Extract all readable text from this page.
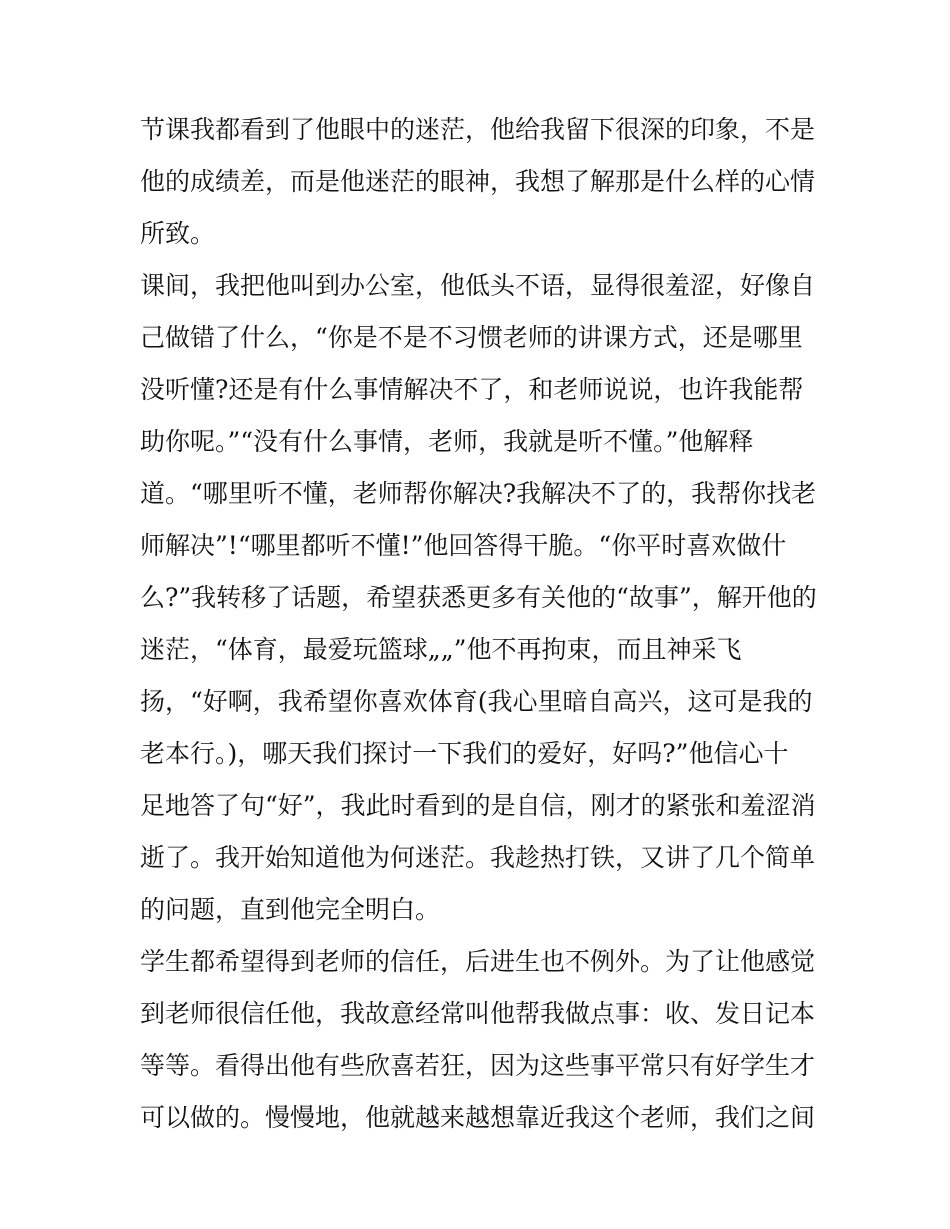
节课我都看到了他眼中的迷茫，他给我留下很深的印象，不是
他的成绩差，而是他迷茫的眼神，我想了解那是什么样的心情
所致。
课间，我把他叫到办公室，他低头不语，显得很羞涩，好像自
己做错了什么，“你是不是不习惯老师的讲课方式，还是哪里
没听懂?还是有什么事情解决不了，和老师说说，也许我能帮
助你呢。”“没有什么事情，老师，我就是听不懂。”他解释
道。“哪里听不懂，老师帮你解决?我解决不了的，我帮你找老
师解决”!“哪里都听不懂!”他回答得干脆。“你平时喜欢做什
么?”我转移了话题，希望获悉更多有关他的“故事”，解开他的
迷茫，“体育，最爱玩篮球„„”他不再拘束，而且神采飞
扬，“好啊，我希望你喜欢体育(我心里暗自高兴，这可是我的
老本行。)，哪天我们探讨一下我们的爱好，好吗?”他信心十
足地答了句“好”，我此时看到的是自信，刚才的紧张和羞涩消
逝了。我开始知道他为何迷茫。我趁热打铁，又讲了几个简单
的问题，直到他完全明白。
学生都希望得到老师的信任，后进生也不例外。为了让他感觉
到老师很信任他，我故意经常叫他帮我做点事：收、发日记本
等等。看得出他有些欣喜若狂，因为这些事平常只有好学生才
可以做的。慢慢地，他就越来越想靠近我这个老师，我们之间
